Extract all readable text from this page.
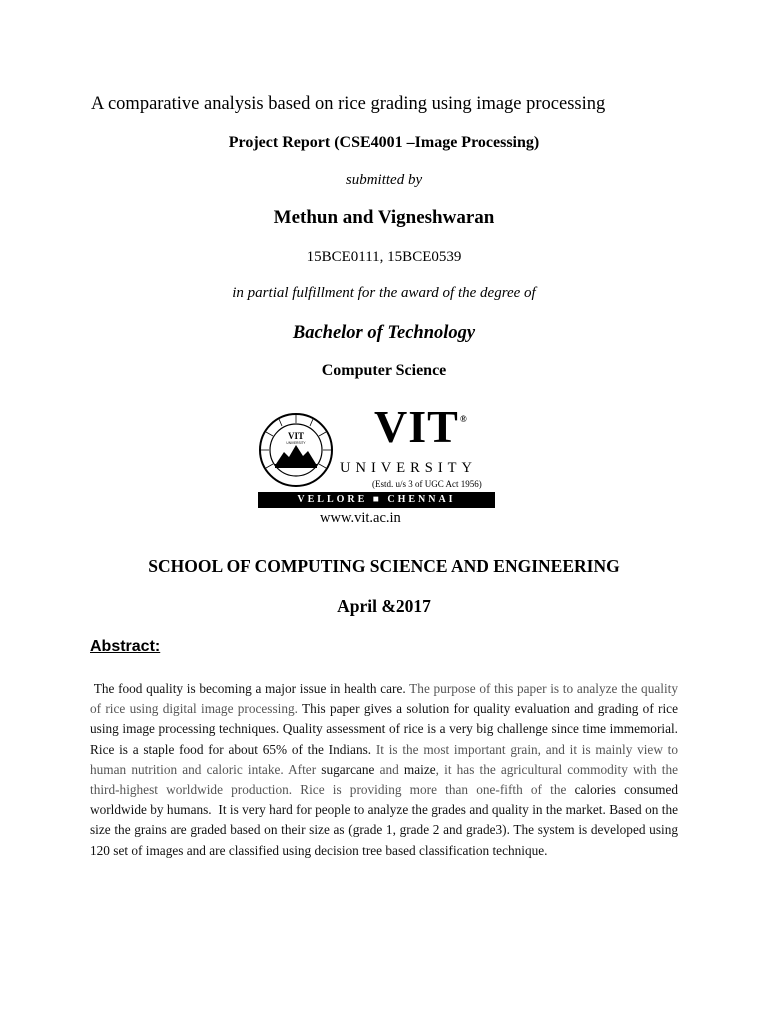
A comparative analysis based on rice grading using image processing
Project Report (CSE4001 –Image Processing)
submitted by
Methun and Vigneshwaran
15BCE0111, 15BCE0539
in partial fulfillment for the award of the degree of
Bachelor of Technology
Computer Science
VIT
UNIVERSITY VIT ®
UNIVERSITY
(Estd. u/s 3 of UGC Act 1956)
VELLORE ■ CHENNAI
www.vit.ac.in
SCHOOL OF COMPUTING SCIENCE AND ENGINEERING
April &2017
Abstract:
The food quality is becoming a major issue in health care. The purpose of this paper is to analyze the quality of rice using digital image processing. This paper gives a solution for quality evaluation and grading of rice using image processing techniques. Quality assessment of rice is a very big challenge since time immemorial. Rice is a staple food for about 65% of the Indians. It is the most important grain, and it is mainly view to human nutrition and caloric intake. After sugarcane and maize, it has the agricultural commodity with the third-highest worldwide production. Rice is providing more than one-fifth of the calories consumed worldwide by humans. It is very hard for people to analyze the grades and quality in the market. Based on the size the grains are graded based on their size as (grade 1, grade 2 and grade3). The system is developed using 120 set of images and are classified using decision tree based classification technique.
